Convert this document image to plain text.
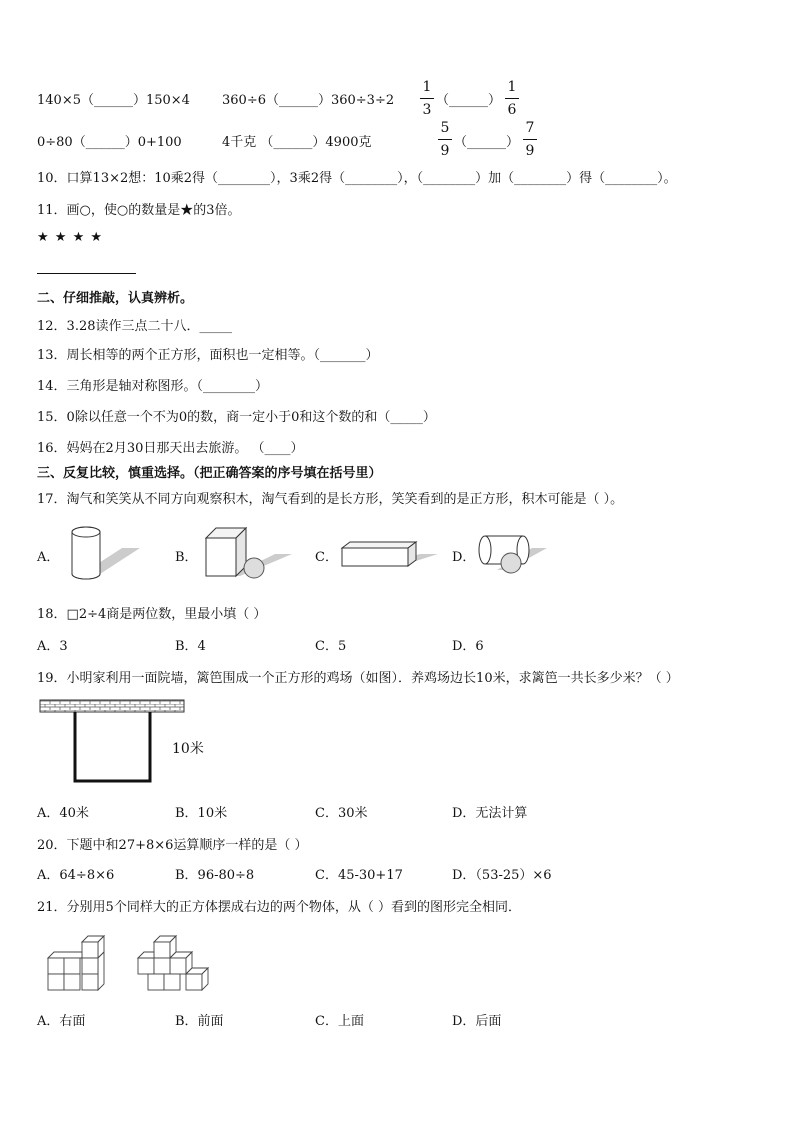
140×5（______）150×4 360÷6（______）360÷3÷2 $\frac{1}{3}$ （______） $\frac{1}{6}$
0÷80（______）0+100	4千克 （______）4900克	$\frac{5}{9}$ （______） $\frac{7}{9}$
10．口算13×2想：10乘2得（________），3乘2得（________），（________）加（________）得（________）。
11．画○，使○的数量是★的3倍。
★ ★ ★ ★
二、仔细推敲，认真辨析。
12．3.28读作三点二十八．_____
13．周长相等的两个正方形，面积也一定相等。（_______）
14．三角形是轴对称图形。（________）
15．0除以任意一个不为0的数，商一定小于0和这个数的和（_____）
16．妈妈在2月30日那天出去旅游。 （____）
三、反复比较，慎重选择。（把正确答案的序号填在括号里）
17．淘气和笑笑从不同方向观察积木，淘气看到的是长方形，笑笑看到的是正方形，积木可能是（ ）。
A．	B．	C．	D．
18．□2÷4商是两位数，里最小填（ ）
A．3	B．4	C．5	D．6
19．小明家利用一面院墙，篱笆围成一个正方形的鸡场（如图）．养鸡场边长10米，求篱笆一共长多少米？（ ）
10米
A．40米	B．10米	C．30米	D．无法计算
20．下题中和27+8×6运算顺序一样的是（ ）
A．64÷8×6	B．96-80÷8	C．45-30+17	D．（53-25）×6
21．分别用5个同样大的正方体摆成右边的两个物体，从（ ）看到的图形完全相同．
A．右面	B．前面	C．上面	D．后面
